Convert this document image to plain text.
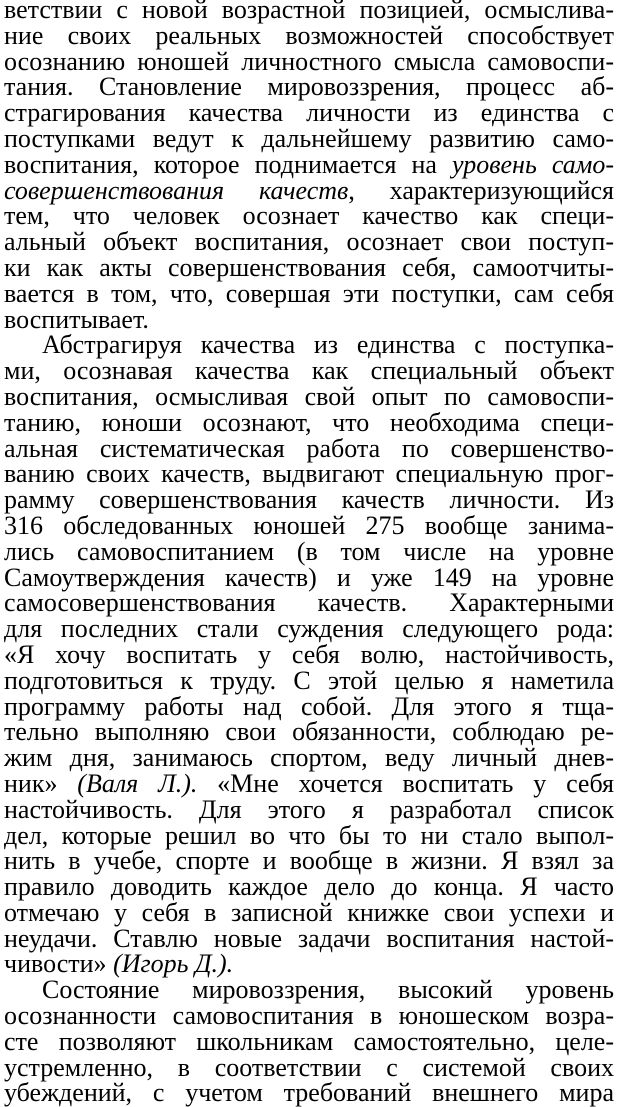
ветствии с новой возрастной позицией, осмыслива-
ние своих реальных возможностей способствует
осознанию юношей личностного смысла самовоспи-
тания. Становление мировоззрения, процесс аб-
страгирования качества личности из единства с
поступками ведут к дальнейшему развитию само-
воспитания, которое поднимается на уровень само-
совершенствования качеств, характеризующийся
тем, что человек осознает качество как специ-
альный объект воспитания, осознает свои поступ-
ки как акты совершенствования себя, самоотчиты-
вается в том, что, совершая эти поступки, сам себя
воспитывает.
Абстрагируя качества из единства с поступка-
ми, осознавая качества как специальный объект
воспитания, осмысливая свой опыт по самовоспи-
танию, юноши осознают, что необходима специ-
альная систематическая работа по совершенство-
ванию своих качеств, выдвигают специальную прог-
рамму совершенствования качеств личности. Из
316 обследованных юношей 275 вообще занима-
лись самовоспитанием (в том числе на уровне
Самоутверждения качеств) и уже 149 на уровне
самосовершенствования качеств. Характерными
для последних стали суждения следующего рода:
«Я хочу воспитать у себя волю, настойчивость,
подготовиться к труду. С этой целью я наметила
программу работы над собой. Для этого я тща-
тельно выполняю свои обязанности, соблюдаю ре-
жим дня, занимаюсь спортом, веду личный днев-
ник» (Валя Л.). «Мне хочется воспитать у себя
настойчивость. Для этого я разработал список
дел, которые решил во что бы то ни стало выпол-
нить в учебе, спорте и вообще в жизни. Я взял за
правило доводить каждое дело до конца. Я часто
отмечаю у себя в записной книжке свои успехи и
неудачи. Ставлю новые задачи воспитания настой-
чивости» (Игорь Д.).
Состояние мировоззрения, высокий уровень
осознанности самовоспитания в юношеском возра-
сте позволяют школьникам самостоятельно, целе-
устремленно, в соответствии с системой своих
убеждений, с учетом требований внешнего мира
